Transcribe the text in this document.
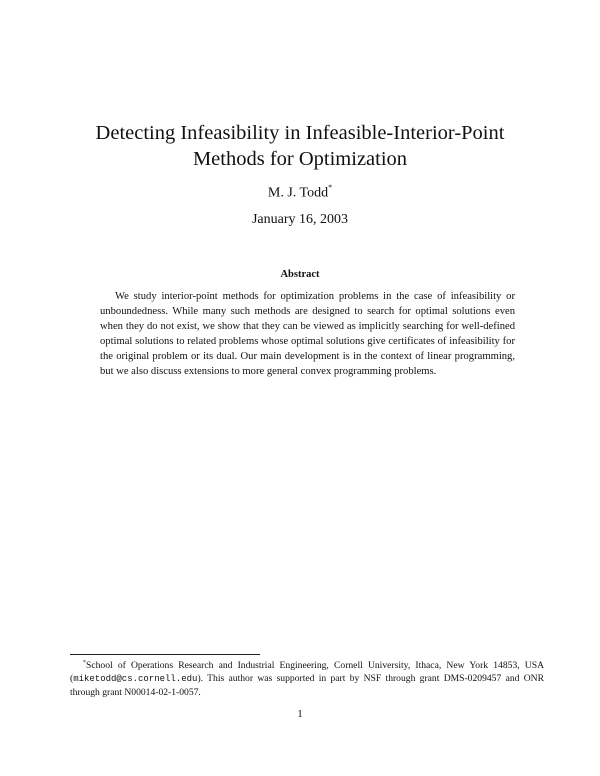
Detecting Infeasibility in Infeasible-Interior-Point
Methods for Optimization
M. J. Todd*
January 16, 2003
Abstract
We study interior-point methods for optimization problems in the case of infeasibility or unboundedness. While many such methods are designed to search for optimal solutions even when they do not exist, we show that they can be viewed as implicitly searching for well-defined optimal solutions to related problems whose optimal solutions give certificates of infeasibility for the original problem or its dual. Our main development is in the context of linear programming, but we also discuss extensions to more general convex programming problems.
*School of Operations Research and Industrial Engineering, Cornell University, Ithaca, New York 14853, USA (miketodd@cs.cornell.edu). This author was supported in part by NSF through grant DMS-0209457 and ONR through grant N00014-02-1-0057.
1
